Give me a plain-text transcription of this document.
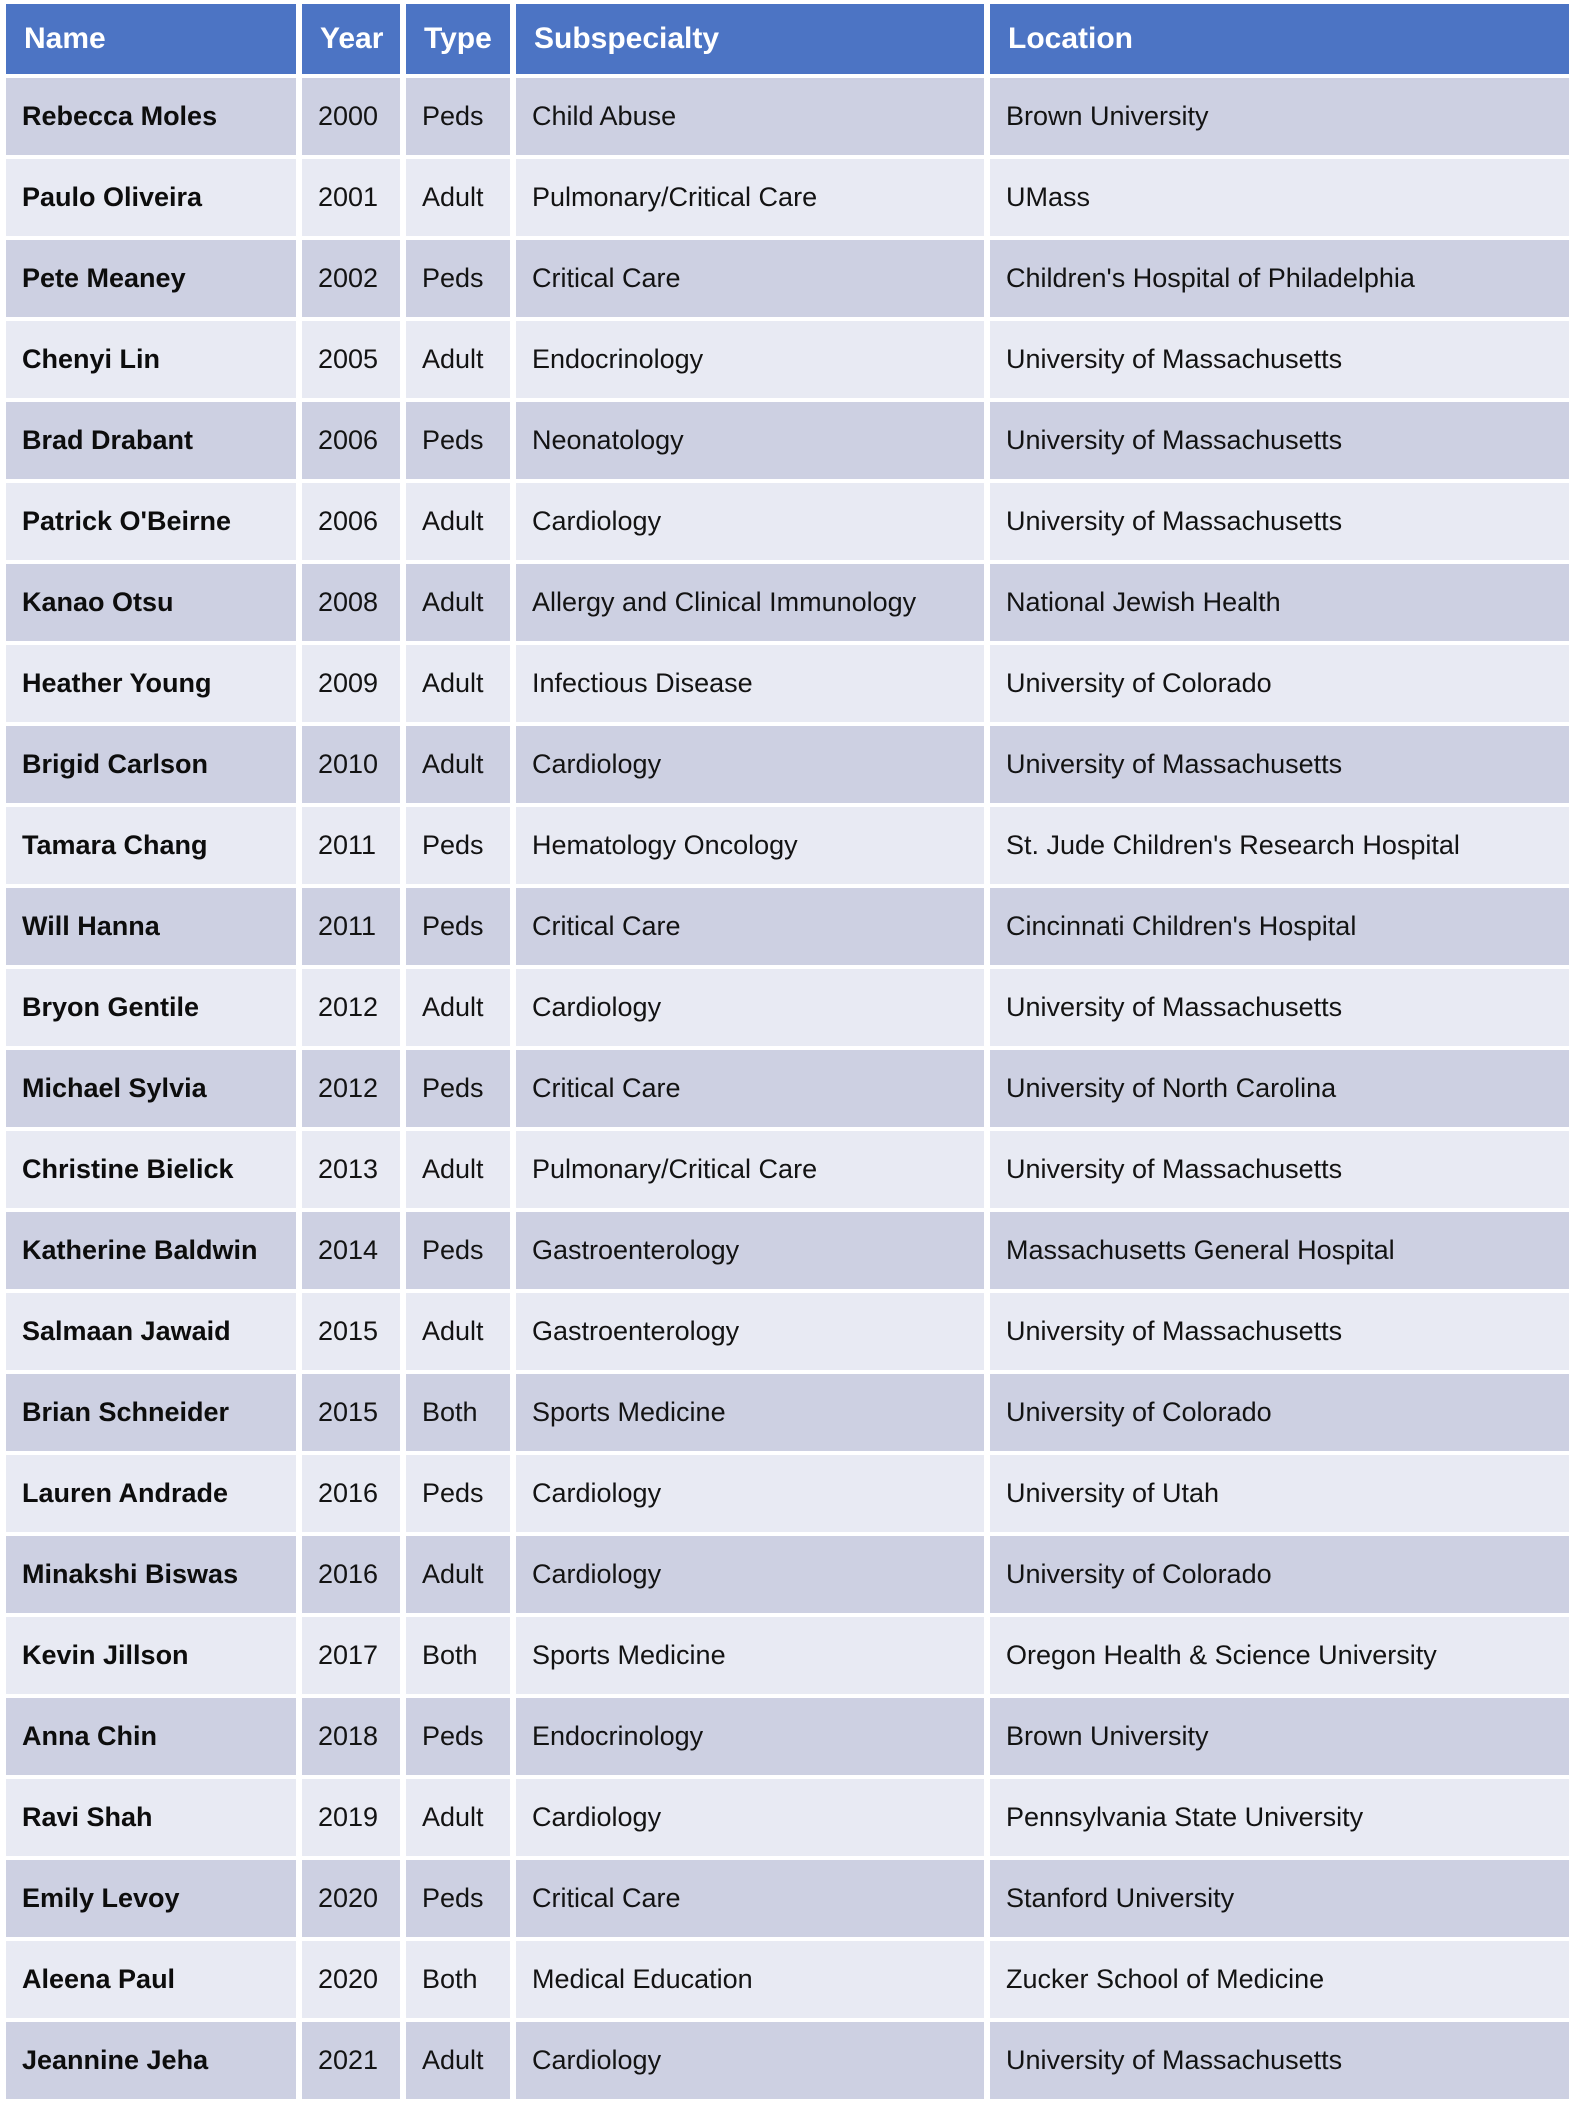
Name	Year	Type	Subspecialty	Location
Rebecca Moles	2000	Peds	Child Abuse	Brown University
Paulo Oliveira	2001	Adult	Pulmonary/Critical Care	UMass
Pete Meaney	2002	Peds	Critical Care	Children's Hospital of Philadelphia
Chenyi Lin	2005	Adult	Endocrinology	University of Massachusetts
Brad Drabant	2006	Peds	Neonatology	University of Massachusetts
Patrick O'Beirne	2006	Adult	Cardiology	University of Massachusetts
Kanao Otsu	2008	Adult	Allergy and Clinical Immunology	National Jewish Health
Heather Young	2009	Adult	Infectious Disease	University of Colorado
Brigid Carlson	2010	Adult	Cardiology	University of Massachusetts
Tamara Chang	2011	Peds	Hematology Oncology	St. Jude Children's Research Hospital
Will Hanna	2011	Peds	Critical Care	Cincinnati Children's Hospital
Bryon Gentile	2012	Adult	Cardiology	University of Massachusetts
Michael Sylvia	2012	Peds	Critical Care	University of North Carolina
Christine Bielick	2013	Adult	Pulmonary/Critical Care	University of Massachusetts
Katherine Baldwin	2014	Peds	Gastroenterology	Massachusetts General Hospital
Salmaan Jawaid	2015	Adult	Gastroenterology	University of Massachusetts
Brian Schneider	2015	Both	Sports Medicine	University of Colorado
Lauren Andrade	2016	Peds	Cardiology	University of Utah
Minakshi Biswas	2016	Adult	Cardiology	University of Colorado
Kevin Jillson	2017	Both	Sports Medicine	Oregon Health & Science University
Anna Chin	2018	Peds	Endocrinology	Brown University
Ravi Shah	2019	Adult	Cardiology	Pennsylvania State University
Emily Levoy	2020	Peds	Critical Care	Stanford University
Aleena Paul	2020	Both	Medical Education	Zucker School of Medicine
Jeannine Jeha	2021	Adult	Cardiology	University of Massachusetts
